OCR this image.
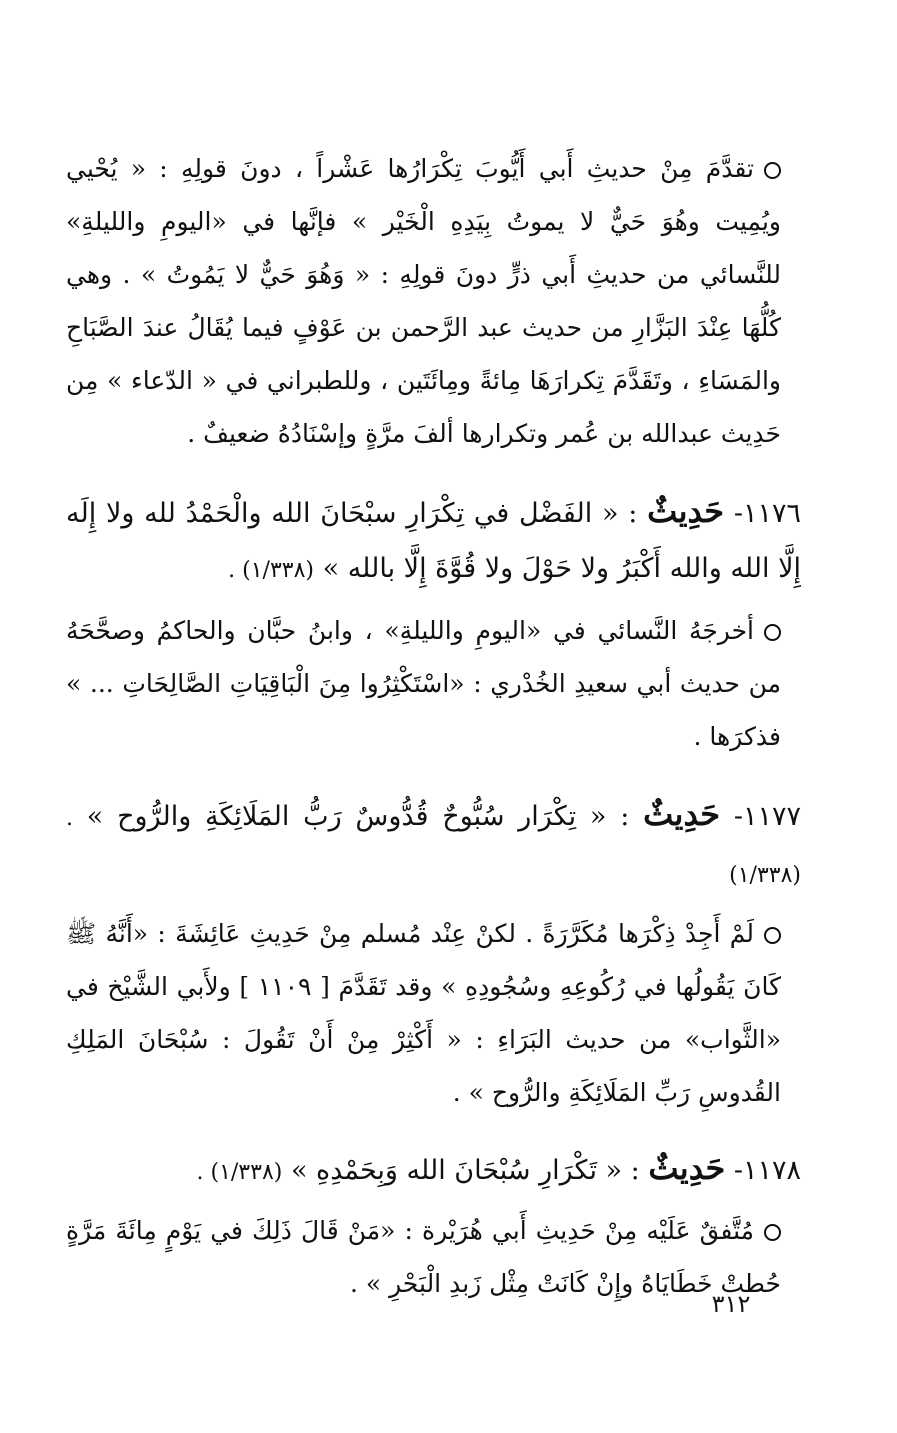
تقدَّمَ مِنْ حديثِ أَبي أَيُّوبَ تِكْرَارُها عَشْراً ، دونَ قولِهِ : « يُحْيي ويُمِيت وهُوَ حَيٌّ لا يموتُ بِيَدِهِ الْخَيْر » فإنَّها في «اليومِ والليلةِ» للنَّسائي من حديثِ أَبي ذرٍّ دونَ قولِهِ : « وَهُوَ حَيٌّ لا يَمُوتُ » . وهي كُلُّهَا عِنْدَ البَزَّارِ من حديث عبد الرَّحمن بن عَوْفٍ فيما يُقَالُ عندَ الصَّبَاحِ والمَسَاءِ ، وتَقَدَّمَ تِكرارَهَا مِائةً ومِائَتَين ، وللطبراني في « الدّعاء » مِن حَدِيث عبدالله بن عُمر وتكرارها ألفَ مرَّةٍ وإسْنَادُهُ ضعيفٌ .

١١٧٦- حَدِيثٌ : « الفَضْل في تِكْرَارِ سبْحَانَ الله والْحَمْدُ لله ولا إِلَه إِلَّا الله والله أَكْبَرُ ولا حَوْلَ ولا قُوَّةَ إِلَّا بالله » (١/٣٣٨) .

أخرجَهُ النَّسائي في «اليومِ والليلةِ» ، وابنُ حبَّان والحاكمُ وصحَّحَهُ من حديث أبي سعيدِ الخُدْري : «اسْتَكْثِرُوا مِنَ الْبَاقِيَاتِ الصَّالِحَاتِ ... » فذكرَها .

١١٧٧- حَدِيثٌ : « تِكْرَار سُبُّوحٌ قُدُّوسٌ رَبُّ المَلَائِكَةِ والرُّوح » . (١/٣٣٨)

لَمْ أَجِدْ ذِكْرَها مُكَرَّرَةً . لكنْ عِنْد مُسلم مِنْ حَدِيثِ عَائِشَةَ : «أَنَّهُ ﷺ كَانَ يَقُولُها في رُكُوعِهِ وسُجُودِهِ » وقد تَقَدَّمَ [ ١١٠٩ ] ولأَبي الشَّيْخ في «الثَّواب» من حديث البَرَاءِ : « أَكْثِرْ مِنْ أَنْ تَقُولَ : سُبْحَانَ المَلِكِ القُدوسِ رَبِّ المَلَائِكَةِ والرُّوح » .

١١٧٨- حَدِيثٌ : « تَكْرَارِ سُبْحَانَ الله وَبِحَمْدِهِ » (١/٣٣٨) .

مُتَّفقٌ عَلَيْه مِنْ حَدِيثِ أَبي هُرَيْرة : «مَنْ قَالَ ذَلِكَ في يَوْمٍ مِائَةَ مَرَّةٍ حُطتْ خَطَايَاهُ وإِنْ كَانَتْ مِثْل زَبدِ الْبَحْرِ » .

٣١٢
